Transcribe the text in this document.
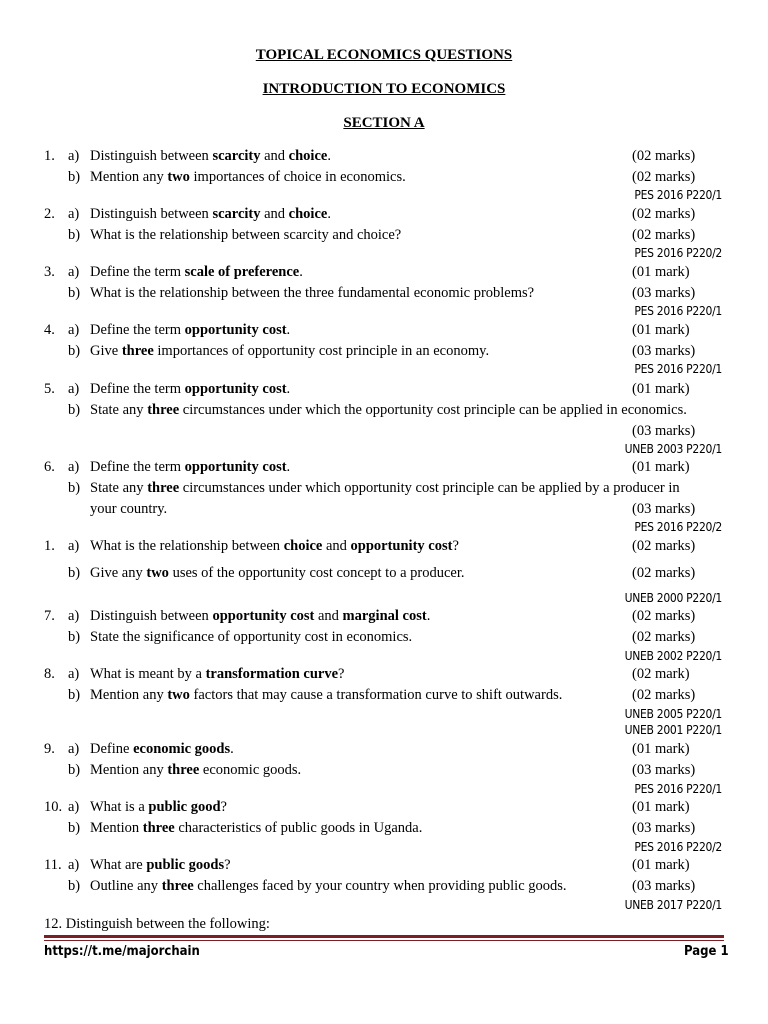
TOPICAL ECONOMICS QUESTIONS
INTRODUCTION TO ECONOMICS
SECTION A
1. a) Distinguish between scarcity and choice.	(02 marks)
b) Mention any two importances of choice in economics.	(02 marks)
PES 2016 P220/1
2. a) Distinguish between scarcity and choice.	(02 marks)
b) What is the relationship between scarcity and choice?	(02 marks)
PES 2016 P220/2
3. a) Define the term scale of preference.	(01 mark)
b) What is the relationship between the three fundamental economic problems?	(03 marks)
PES 2016 P220/1
4. a) Define the term opportunity cost.	(01 mark)
b) Give three importances of opportunity cost principle in an economy.	(03 marks)
PES 2016 P220/1
5. a) Define the term opportunity cost.	(01 mark)
b) State any three circumstances under which the opportunity cost principle can be applied in economics.
(03 marks)
UNEB 2003 P220/1
6. a) Define the term opportunity cost.	(01 mark)
b) State any three circumstances under which opportunity cost principle can be applied by a producer in
your country.	(03 marks)
PES 2016 P220/2
1. a) What is the relationship between choice and opportunity cost?	(02 marks)
b) Give any two uses of the opportunity cost concept to a producer.	(02 marks)
UNEB 2000 P220/1
7. a) Distinguish between opportunity cost and marginal cost.	(02 marks)
b) State the significance of opportunity cost in economics.	(02 marks)
UNEB 2002 P220/1
8. a) What is meant by a transformation curve?	(02 mark)
b) Mention any two factors that may cause a transformation curve to shift outwards.	(02 marks)
UNEB 2005 P220/1
UNEB 2001 P220/1
9. a) Define economic goods.	(01 mark)
b) Mention any three economic goods.	(03 marks)
PES 2016 P220/1
10. a) What is a public good?	(01 mark)
b) Mention three characteristics of public goods in Uganda.	(03 marks)
PES 2016 P220/2
11. a) What are public goods?	(01 mark)
b) Outline any three challenges faced by your country when providing public goods.	(03 marks)
UNEB 2017 P220/1
12. Distinguish between the following:
https://t.me/majorchain	Page 1
